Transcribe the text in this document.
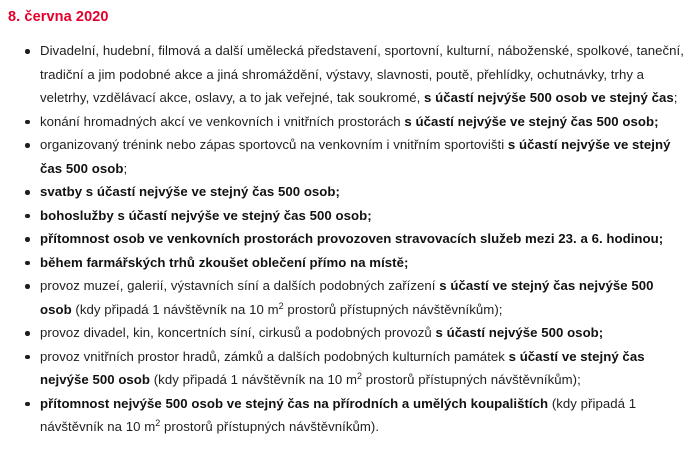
8. června 2020
Divadelní, hudební, filmová a další umělecká představení, sportovní, kulturní, náboženské, spolkové, taneční, tradiční a jim podobné akce a jiná shromáždění, výstavy, slavnosti, poutě, přehlídky, ochutnávky, trhy a veletrhy, vzdělávací akce, oslavy, a to jak veřejné, tak soukromé, s účastí nejvýše 500 osob ve stejný čas;
konání hromadných akcí ve venkovních i vnitřních prostorách s účastí nejvýše ve stejný čas 500 osob;
organizovaný trénink nebo zápas sportovců na venkovním i vnitřním sportovišti s účastí nejvýše ve stejný čas 500 osob;
svatby s účastí nejvýše ve stejný čas 500 osob;
bohoslužby s účastí nejvýše ve stejný čas 500 osob;
přítomnost osob ve venkovních prostorách provozoven stravovacích služeb mezi 23. a 6. hodinou;
během farmářských trhů zkoušet oblečení přímo na místě;
provoz muzeí, galerií, výstavních síní a dalších podobných zařízení s účastí ve stejný čas nejvýše 500 osob (kdy připadá 1 návštěvník na 10 $m^2$ prostorů přístupných návštěvníkům);
provoz divadel, kin, koncertních síní, cirkusů a podobných provozů s účastí nejvýše 500 osob;
provoz vnitřních prostor hradů, zámků a dalších podobných kulturních památek s účastí ve stejný čas nejvýše 500 osob (kdy připadá 1 návštěvník na 10 $m^2$ prostorů přístupných návštěvníkům);
přítomnost nejvýše 500 osob ve stejný čas na přírodních a umělých koupalištích (kdy připadá 1 návštěvník na 10 $m^2$ prostorů přístupných návštěvníkům).
